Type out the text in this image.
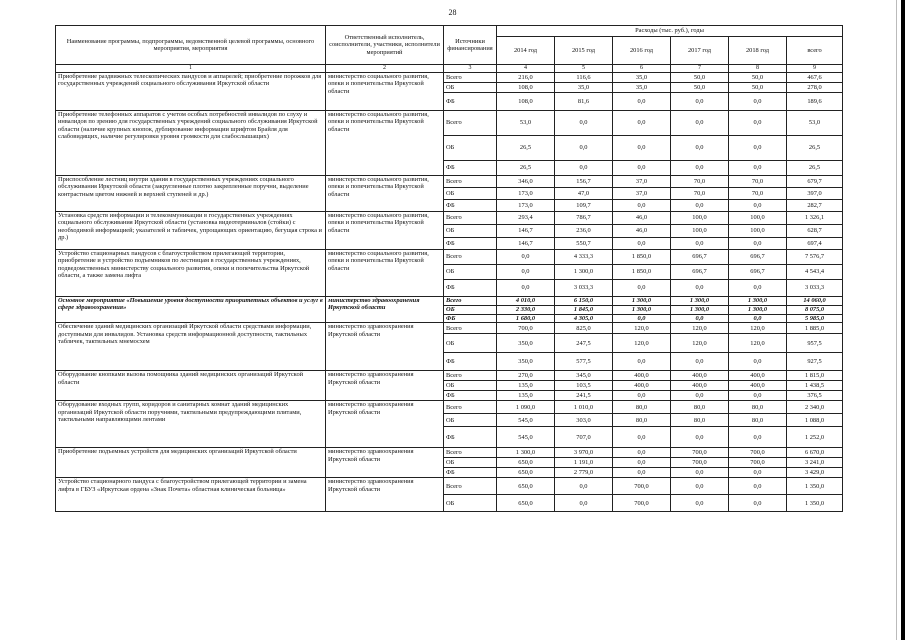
28
Наименование программы, подпрограммы, ведомственной целевой программы, основного мероприятия, мероприятия	Ответственный исполнитель, соисполнители, участники, исполнители мероприятий	Источники финансирования	Расходы (тыс. руб.), годы					
			2014 год	2015 год	2016 год	2017 год	2018 год	всего
1	2	3	4	5	6	7	8	9
Приобретение раздвижных телескопических пандусов и аппарелей; приобретение порожков для государственных учреждений социального обслуживания Иркутской области	министерство социального развития, опеки и попечительства Иркутской области	Всего	216,0	116,6	35,0	50,0	50,0	467,6
		ОБ	108,0	35,0	35,0	50,0	50,0	278,0
		ФБ	108,0	81,6	0,0	0,0	0,0	189,6
Приобретение телефонных аппаратов с учетом особых потребностей инвалидов по слуху и инвалидов по зрению для государственных учреждений социального обслуживания Иркутской области (наличие крупных кнопок, дублирование информации шрифтом Брайля для слабовидящих, наличие регулировки уровня громкости для слабослышащих)	министерство социального развития, опеки и попечительства Иркутской области	Всего	53,0	0,0	0,0	0,0	0,0	53,0
		ОБ	26,5	0,0	0,0	0,0	0,0	26,5
		ФБ	26,5	0,0	0,0	0,0	0,0	26,5
Приспособление лестниц внутри здания в государственных учреждениях социального обслуживания Иркутской области (закругленные плотно закрепленные поручни, выделение контрастным цветом нижней и верхней ступеней и др.)	министерство социального развития, опеки и попечительства Иркутской области	Всего	346,0	156,7	37,0	70,0	70,0	679,7
		ОБ	173,0	47,0	37,0	70,0	70,0	397,0
		ФБ	173,0	109,7	0,0	0,0	0,0	282,7
Установка средств информации и телекоммуникации в государственных учреждениях социального обслуживания Иркутской области (установка видеотерминалов (стойки) с необходимой информацией; указателей и табличек, упрощающих ориентацию, бегущая строка и др.)	министерство социального развития, опеки и попечительства Иркутской области	Всего	293,4	786,7	46,0	100,0	100,0	1 326,1
		ОБ	146,7	236,0	46,0	100,0	100,0	628,7
		ФБ	146,7	550,7	0,0	0,0	0,0	697,4
Устройство стационарных пандусов с благоустройством прилегающей территории, приобретение и устройство подъемников по лестницам в государственных учреждениях, подведомственных министерству социального развития, опеки и попечительства Иркутской области, а также замена лифта	министерство социального развития, опеки и попечительства Иркутской области	Всего	0,0	4 333,3	1 850,0	696,7	696,7	7 576,7
		ОБ	0,0	1 300,0	1 850,0	696,7	696,7	4 543,4
		ФБ	0,0	3 033,3	0,0	0,0	0,0	3 033,3
Основное мероприятие «Повышение уровня доступности приоритетных объектов и услуг в сфере здравоохранения»	министерство здравоохранения Иркутской области	Всего	4 010,0	6 150,0	1 300,0	1 300,0	1 300,0	14 060,0
		ОБ	2 330,0	1 845,0	1 300,0	1 300,0	1 300,0	8 075,0
		ФБ	1 680,0	4 305,0	0,0	0,0	0,0	5 985,0
Обеспечение зданий медицинских организаций Иркутской области средствами информации, доступными для инвалидов. Установка средств информационной доступности, тактильных табличек, тактильных мнемосхем	министерство здравоохранения Иркутской области	Всего	700,0	825,0	120,0	120,0	120,0	1 885,0
		ОБ	350,0	247,5	120,0	120,0	120,0	957,5
		ФБ	350,0	577,5	0,0	0,0	0,0	927,5
Оборудование кнопками вызова помощника зданий медицинских организаций Иркутской области	министерство здравоохранения Иркутской области	Всего	270,0	345,0	400,0	400,0	400,0	1 815,0
		ОБ	135,0	103,5	400,0	400,0	400,0	1 438,5
		ФБ	135,0	241,5	0,0	0,0	0,0	376,5
Оборудование входных групп, коридоров и санитарных комнат зданий медицинских организаций Иркутской области поручнями, тактильными предупреждающими плитами, тактильными направляющими лентами	министерство здравоохранения Иркутской области	Всего	1 090,0	1 010,0	80,0	80,0	80,0	2 340,0
		ОБ	545,0	303,0	80,0	80,0	80,0	1 088,0
		ФБ	545,0	707,0	0,0	0,0	0,0	1 252,0
Приобретение подъемных устройств для медицинских организаций Иркутской области	министерство здравоохранения Иркутской области	Всего	1 300,0	3 970,0	0,0	700,0	700,0	6 670,0
		ОБ	650,0	1 191,0	0,0	700,0	700,0	3 241,0
		ФБ	650,0	2 779,0	0,0	0,0	0,0	3 429,0
Устройство стационарного пандуса с благоустройством прилегающей территории и замена лифта в ГБУЗ «Иркутская ордена «Знак Почета» областная клиническая больница»	министерство здравоохранения Иркутской области	Всего	650,0	0,0	700,0	0,0	0,0	1 350,0
		ОБ	650,0	0,0	700,0	0,0	0,0	1 350,0
